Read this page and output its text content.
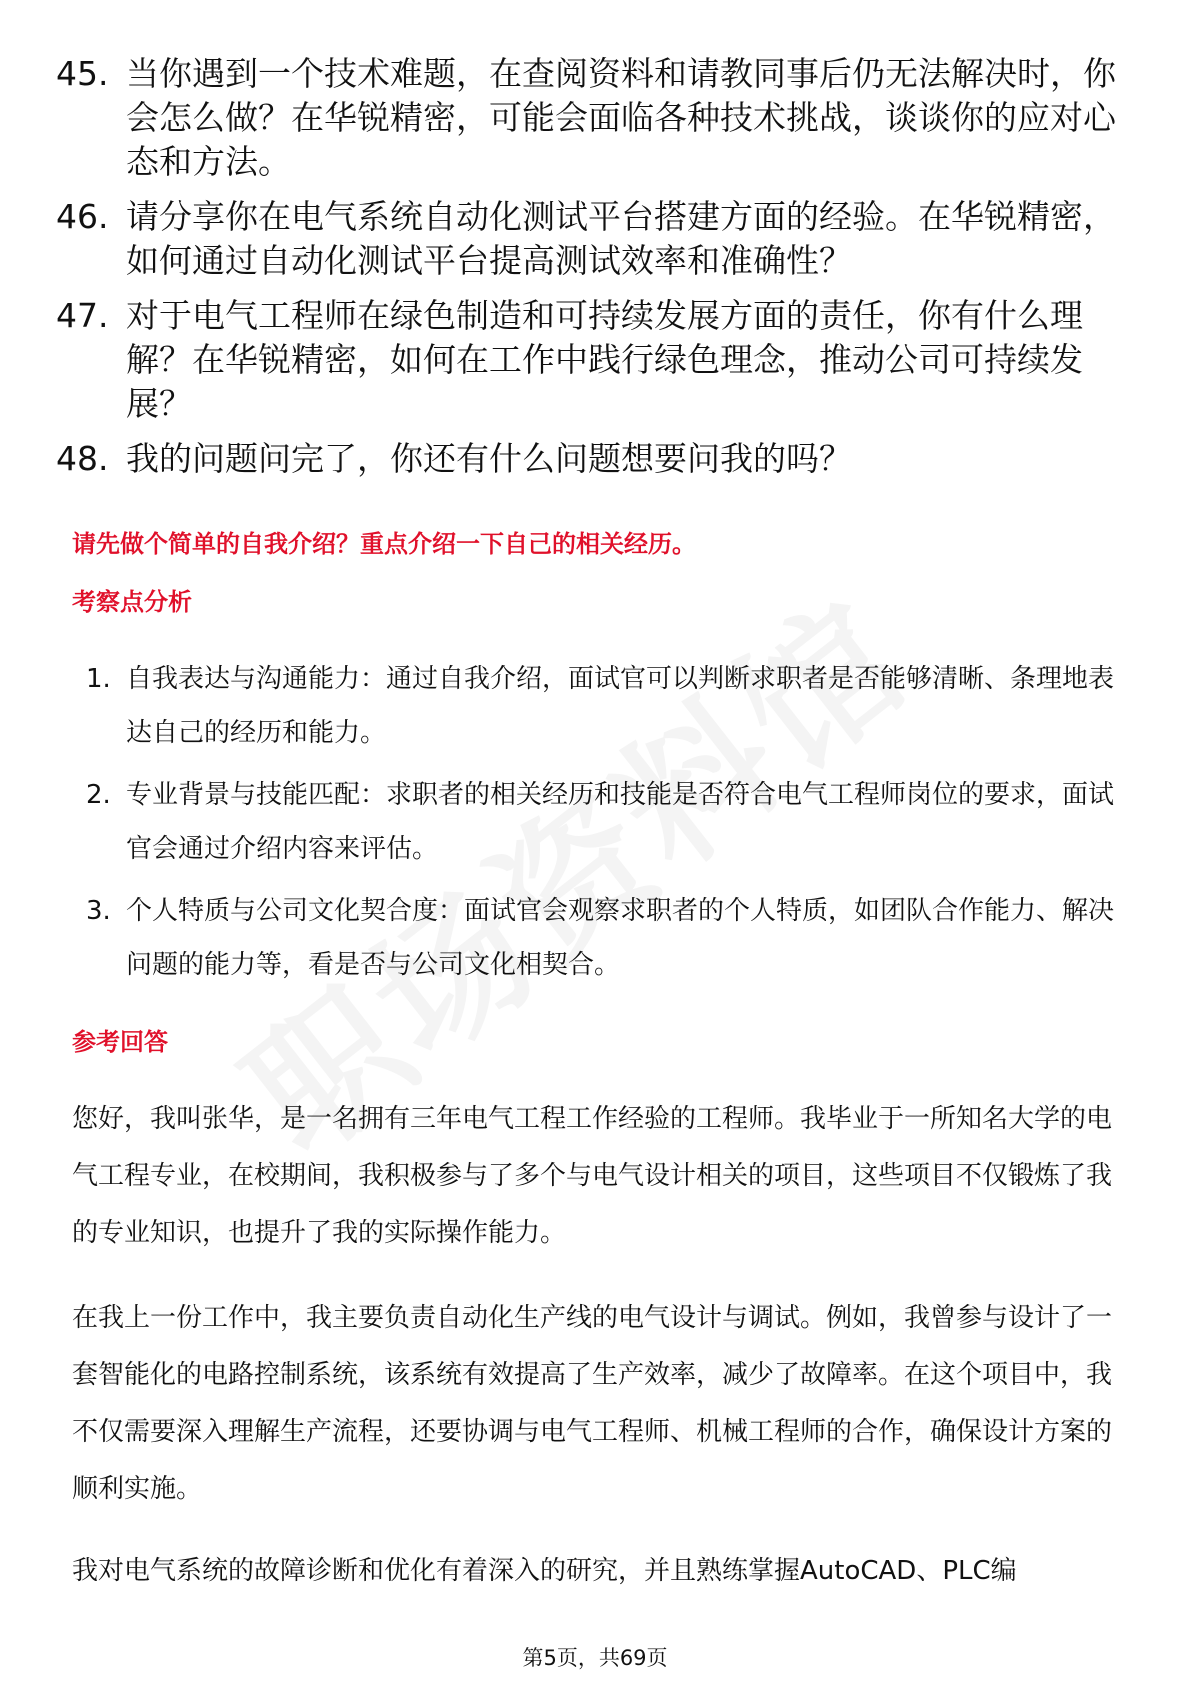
45. 当你遇到一个技术难题，在查阅资料和请教同事后仍无法解决时，你会怎么做？在华锐精密，可能会面临各种技术挑战，谈谈你的应对心态和方法。
46. 请分享你在电气系统自动化测试平台搭建方面的经验。在华锐精密，如何通过自动化测试平台提高测试效率和准确性？
47. 对于电气工程师在绿色制造和可持续发展方面的责任，你有什么理解？在华锐精密，如何在工作中践行绿色理念，推动公司可持续发展？
48. 我的问题问完了，你还有什么问题想要问我的吗？
请先做个简单的自我介绍？重点介绍一下自己的相关经历。
考察点分析
1. 自我表达与沟通能力：通过自我介绍，面试官可以判断求职者是否能够清晰、条理地表达自己的经历和能力。
2. 专业背景与技能匹配：求职者的相关经历和技能是否符合电气工程师岗位的要求，面试官会通过介绍内容来评估。
3. 个人特质与公司文化契合度：面试官会观察求职者的个人特质，如团队合作能力、解决问题的能力等，看是否与公司文化相契合。
参考回答

您好，我叫张华，是一名拥有三年电气工程工作经验的工程师。我毕业于一所知名大学的电气工程专业，在校期间，我积极参与了多个与电气设计相关的项目，这些项目不仅锻炼了我的专业知识，也提升了我的实际操作能力。

在我上一份工作中，我主要负责自动化生产线的电气设计与调试。例如，我曾参与设计了一套智能化的电路控制系统，该系统有效提高了生产效率，减少了故障率。在这个项目中，我不仅需要深入理解生产流程，还要协调与电气工程师、机械工程师的合作，确保设计方案的顺利实施。

我对电气系统的故障诊断和优化有着深入的研究，并且熟练掌握AutoCAD、PLC编

第5页，共69页
